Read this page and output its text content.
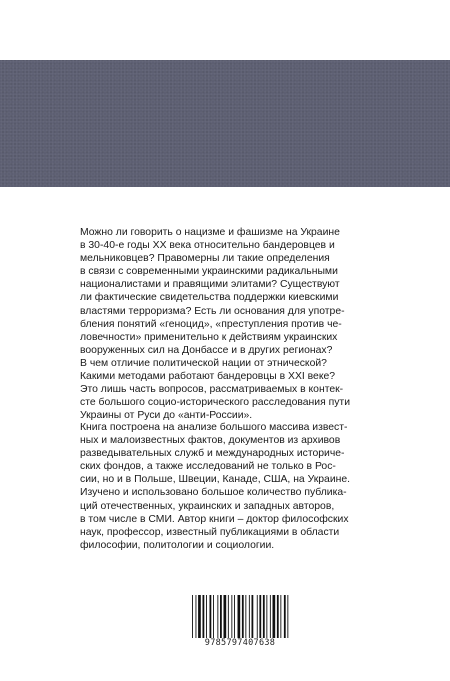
Можно ли говорить о нацизме и фашизме на Украине
в 30-40-е годы XX века относительно бандеровцев и
мельниковцев? Правомерны ли такие определения
в связи с современными украинскими радикальными
националистами и правящими элитами? Существуют
ли фактические свидетельства поддержки киевскими
властями терроризма? Есть ли основания для употре-
бления понятий «геноцид», «преступления против че-
ловечности» применительно к действиям украинских
вооруженных сил на Донбассе и в других регионах?
В чем отличие политической нации от этнической?
Какими методами работают бандеровцы в XXI веке?
Это лишь часть вопросов, рассматриваемых в контек-
сте большого социо-исторического расследования пути
Украины от Руси до «анти-России».
Книга построена на анализе большого массива извест-
ных и малоизвестных фактов, документов из архивов
разведывательных служб и международных историче-
ских фондов, а также исследований не только в Рос-
сии, но и в Польше, Швеции, Канаде, США, на Украине.
Изучено и использовано большое количество публика-
ций отечественных, украинских и западных авторов,
в том числе в СМИ. Автор книги – доктор философских
наук, профессор, известный публикациями в области
философии, политологии и социологии.
9785797407638
